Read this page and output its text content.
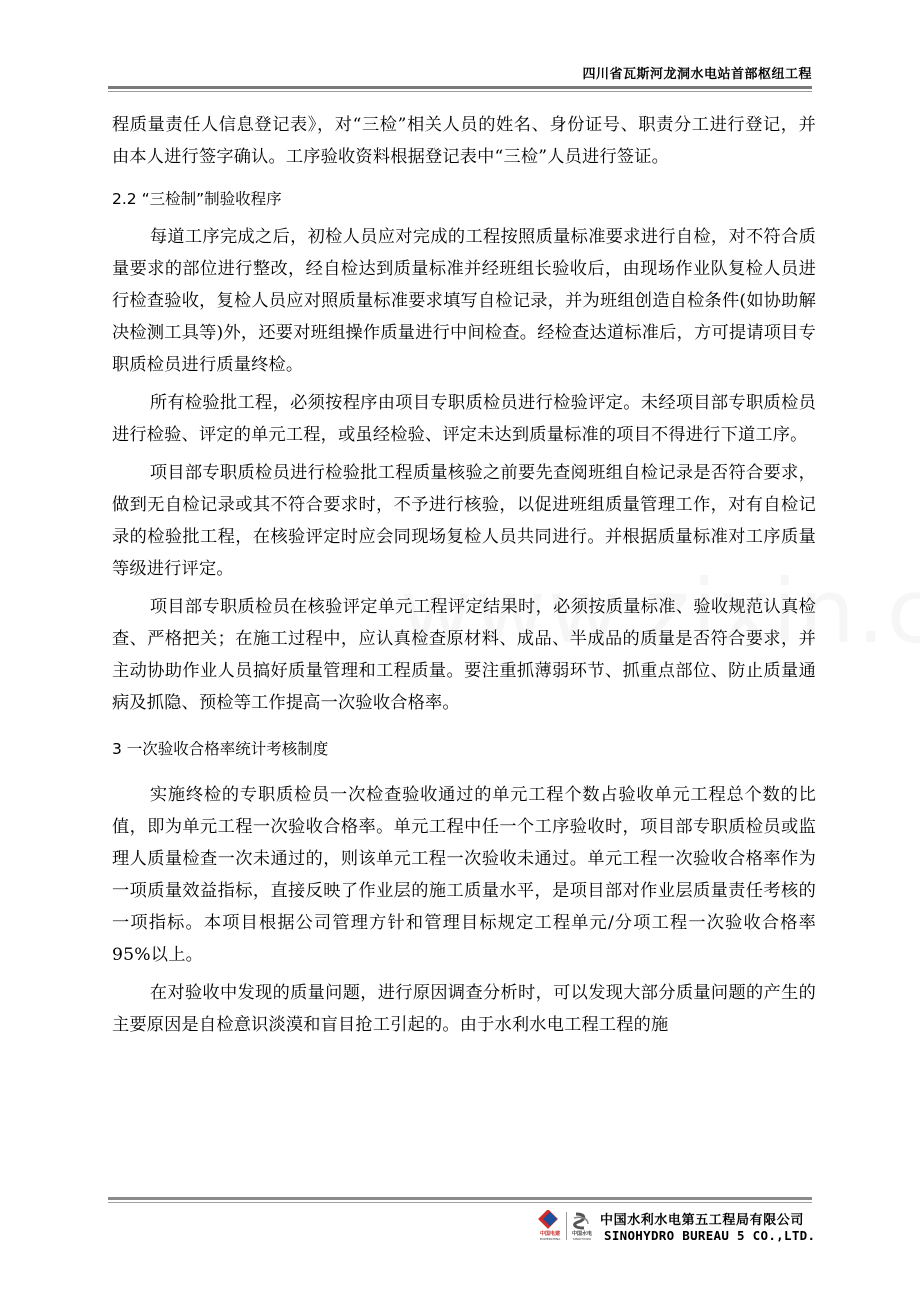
四川省瓦斯河龙洞水电站首部枢纽工程

程质量责任人信息登记表》，对“三检”相关人员的姓名、身份证号、职责分工进行登记，并由本人进行签字确认。工序验收资料根据登记表中“三检”人员进行签证。

2.2 “三检制”制验收程序

每道工序完成之后，初检人员应对完成的工程按照质量标准要求进行自检，对不符合质量要求的部位进行整改，经自检达到质量标准并经班组长验收后，由现场作业队复检人员进行检查验收，复检人员应对照质量标准要求填写自检记录，并为班组创造自检条件(如协助解决检测工具等)外，还要对班组操作质量进行中间检查。经检查达道标准后，方可提请项目专职质检员进行质量终检。

所有检验批工程，必须按程序由项目专职质检员进行检验评定。未经项目部专职质检员进行检验、评定的单元工程，或虽经检验、评定未达到质量标准的项目不得进行下道工序。

项目部专职质检员进行检验批工程质量核验之前要先查阅班组自检记录是否符合要求，做到无自检记录或其不符合要求时，不予进行核验，以促进班组质量管理工作，对有自检记录的检验批工程，在核验评定时应会同现场复检人员共同进行。并根据质量标准对工序质量等级进行评定。

项目部专职质检员在核验评定单元工程评定结果时，必须按质量标准、验收规范认真检查、严格把关；在施工过程中，应认真检查原材料、成品、半成品的质量是否符合要求，并主动协助作业人员搞好质量管理和工程质量。要注重抓薄弱环节、抓重点部位、防止质量通病及抓隐、预检等工作提高一次验收合格率。

3 一次验收合格率统计考核制度

实施终检的专职质检员一次检查验收通过的单元工程个数占验收单元工程总个数的比值，即为单元工程一次验收合格率。单元工程中任一个工序验收时，项目部专职质检员或监理人质量检查一次未通过的，则该单元工程一次验收未通过。单元工程一次验收合格率作为一项质量效益指标，直接反映了作业层的施工质量水平，是项目部对作业层质量责任考核的一项指标。本项目根据公司管理方针和管理目标规定工程单元/分项工程一次验收合格率 95%以上。

在对验收中发现的质量问题，进行原因调查分析时，可以发现大部分质量问题的产生的主要原因是自检意识淡漠和盲目抢工引起的。由于水利水电工程工程的施

中国电建
POWERCHINA
中国水电
SINOHYDRO
中国水利水电第五工程局有限公司
SINOHYDRO BUREAU 5 CO.,LTD.
